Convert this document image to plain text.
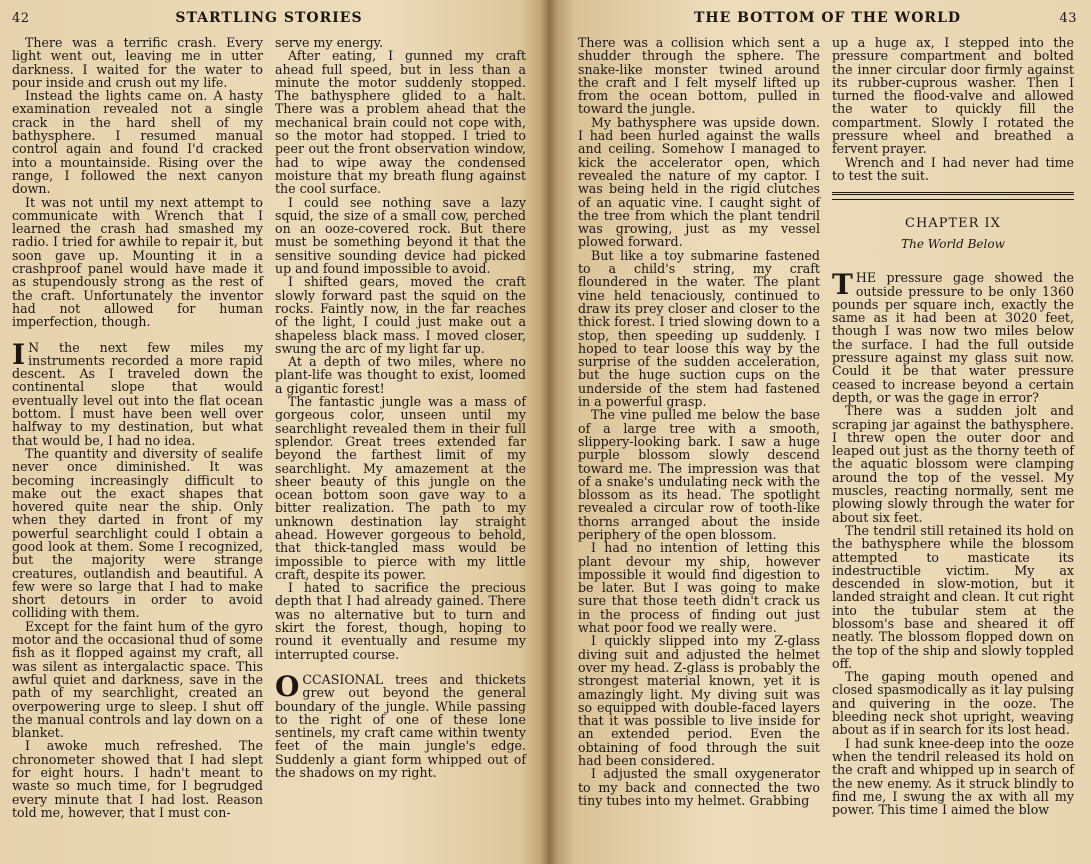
42	STARTLING STORIES

There was a terrific crash. Every light went out, leaving me in utter darkness. I waited for the water to pour inside and crush out my life.

Instead the lights came on. A hasty examination revealed not a single crack in the hard shell of my bathysphere. I resumed manual control again and found I'd cracked into a mountainside. Rising over the range, I followed the next canyon down.

It was not until my next attempt to communicate with Wrench that I learned the crash had smashed my radio. I tried for awhile to repair it, but soon gave up. Mounting it in a crashproof panel would have made it as stupendously strong as the rest of the craft. Unfortunately the inventor had not allowed for human imperfection, though.

I N the next few miles my instruments recorded a more rapid descent. As I traveled down the continental slope that would eventually level out into the flat ocean bottom. I must have been well over halfway to my destination, but what that would be, I had no idea.

The quantity and diversity of sealife never once diminished. It was becoming increasingly difficult to make out the exact shapes that hovered quite near the ship. Only when they darted in front of my powerful searchlight could I obtain a good look at them. Some I recognized, but the majority were strange creatures, outlandish and beautiful. A few were so large that I had to make short detours in order to avoid colliding with them.

Except for the faint hum of the gyro motor and the occasional thud of some fish as it flopped against my craft, all was silent as intergalactic space. This awful quiet and darkness, save in the path of my searchlight, created an overpowering urge to sleep. I shut off the manual controls and lay down on a blanket.

I awoke much refreshed. The chronometer showed that I had slept for eight hours. I hadn't meant to waste so much time, for I begrudged every minute that I had lost. Reason told me, however, that I must con-

serve my energy.

After eating, I gunned my craft ahead full speed, but in less than a minute the motor suddenly stopped. The bathysphere glided to a halt. There was a problem ahead that the mechanical brain could not cope with, so the motor had stopped. I tried to peer out the front observation window, had to wipe away the condensed moisture that my breath flung against the cool surface.

I could see nothing save a lazy squid, the size of a small cow, perched on an ooze-covered rock. But there must be something beyond it that the sensitive sounding device had picked up and found impossible to avoid.

I shifted gears, moved the craft slowly forward past the squid on the rocks. Faintly now, in the far reaches of the light, I could just make out a shapeless black mass. I moved closer, swung the arc of my light far up.

At a depth of two miles, where no plant-life was thought to exist, loomed a gigantic forest!

The fantastic jungle was a mass of gorgeous color, unseen until my searchlight revealed them in their full splendor. Great trees extended far beyond the farthest limit of my searchlight. My amazement at the sheer beauty of this jungle on the ocean bottom soon gave way to a bitter realization. The path to my unknown destination lay straight ahead. However gorgeous to behold, that thick-tangled mass would be impossible to pierce with my little craft, despite its power.

I hated to sacrifice the precious depth that I had already gained. There was no alternative but to turn and skirt the forest, though, hoping to round it eventually and resume my interrupted course.

OCCASIONAL trees and thickets grew out beyond the general boundary of the jungle. While passing to the right of one of these lone sentinels, my craft came within twenty feet of the main jungle's edge. Suddenly a giant form whipped out of the shadows on my right.

THE BOTTOM OF THE WORLD	43

There was a collision which sent a shudder through the sphere. The snake-like monster twined around the craft and I felt myself lifted up from the ocean bottom, pulled in toward the jungle.

My bathysphere was upside down. I had been hurled against the walls and ceiling. Somehow I managed to kick the accelerator open, which revealed the nature of my captor. I was being held in the rigid clutches of an aquatic vine. I caught sight of the tree from which the plant tendril was growing, just as my vessel plowed forward.

But like a toy submarine fastened to a child's string, my craft floundered in the water. The plant vine held tenaciously, continued to draw its prey closer and closer to the thick forest. I tried slowing down to a stop, then speeding up suddenly. I hoped to tear loose this way by the surprise of the sudden acceleration, but the huge suction cups on the underside of the stem had fastened in a powerful grasp.

The vine pulled me below the base of a large tree with a smooth, slippery-looking bark. I saw a huge purple blossom slowly descend toward me. The impression was that of a snake's undulating neck with the blossom as its head. The spotlight revealed a circular row of tooth-like thorns arranged about the inside periphery of the open blossom.

I had no intention of letting this plant devour my ship, however impossible it would find digestion to be later. But I was going to make sure that those teeth didn't crack us in the process of finding out just what poor food we really were.

I quickly slipped into my Z-glass diving suit and adjusted the helmet over my head. Z-glass is probably the strongest material known, yet it is amazingly light. My diving suit was so equipped with double-faced layers that it was possible to live inside for an extended period. Even the obtaining of food through the suit had been considered.

I adjusted the small oxygenerator to my back and connected the two tiny tubes into my helmet. Grabbing

up a huge ax, I stepped into the pressure compartment and bolted the inner circular door firmly against its rubber-cuprous washer. Then I turned the flood-valve and allowed the water to quickly fill the compartment. Slowly I rotated the pressure wheel and breathed a fervent prayer.

Wrench and I had never had time to test the suit.

CHAPTER IX
The World Below

THE pressure gage showed the outside pressure to be only 1360 pounds per square inch, exactly the same as it had been at 3020 feet, though I was now two miles below the surface. I had the full outside pressure against my glass suit now. Could it be that water pressure ceased to increase beyond a certain depth, or was the gage in error?

There was a sudden jolt and scraping jar against the bathysphere. I threw open the outer door and leaped out just as the thorny teeth of the aquatic blossom were clamping around the top of the vessel. My muscles, reacting normally, sent me plowing slowly through the water for about six feet.

The tendril still retained its hold on the bathysphere while the blossom attempted to masticate its indestructible victim. My ax descended in slow-motion, but it landed straight and clean. It cut right into the tubular stem at the blossom's base and sheared it off neatly. The blossom flopped down on the top of the ship and slowly toppled off.

The gaping mouth opened and closed spasmodically as it lay pulsing and quivering in the ooze. The bleeding neck shot upright, weaving about as if in search for its lost head.

I had sunk knee-deep into the ooze when the tendril released its hold on the craft and whipped up in search of the new enemy. As it struck blindly to find me, I swung the ax with all my power. This time I aimed the blow
